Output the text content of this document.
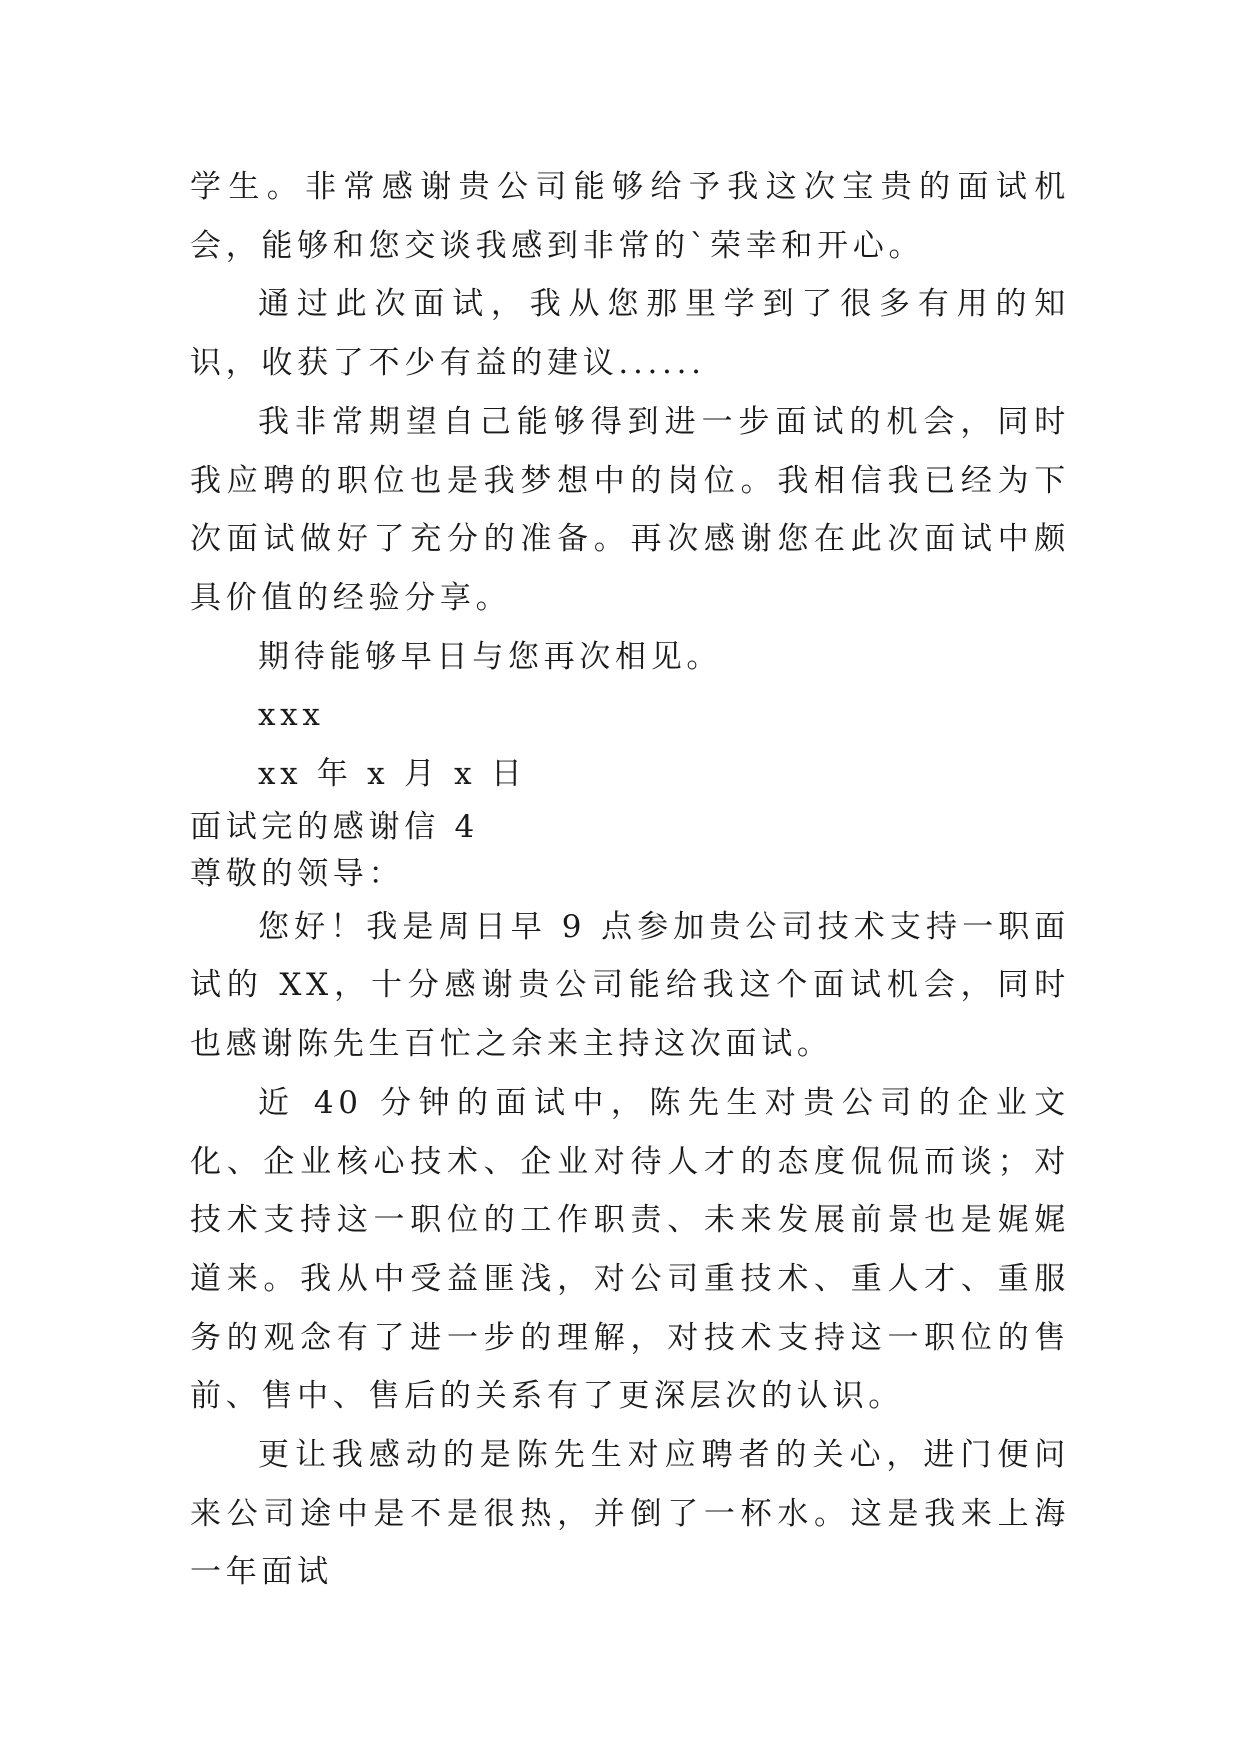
学生。非常感谢贵公司能够给予我这次宝贵的面试机会，能够和您交谈我感到非常的`荣幸和开心。

通过此次面试，我从您那里学到了很多有用的知识，收获了不少有益的建议......

我非常期望自己能够得到进一步面试的机会，同时我应聘的职位也是我梦想中的岗位。我相信我已经为下次面试做好了充分的准备。再次感谢您在此次面试中颇具价值的经验分享。

期待能够早日与您再次相见。

xxx

xx 年 x 月 x 日

面试完的感谢信 4

尊敬的领导：

您好！我是周日早 9 点参加贵公司技术支持一职面试的 XX，十分感谢贵公司能给我这个面试机会，同时也感谢陈先生百忙之余来主持这次面试。

近 40 分钟的面试中，陈先生对贵公司的企业文化、企业核心技术、企业对待人才的态度侃侃而谈；对技术支持这一职位的工作职责、未来发展前景也是娓娓道来。我从中受益匪浅，对公司重技术、重人才、重服务的观念有了进一步的理解，对技术支持这一职位的售前、售中、售后的关系有了更深层次的认识。

更让我感动的是陈先生对应聘者的关心，进门便问来公司途中是不是很热，并倒了一杯水。这是我来上海一年面试
